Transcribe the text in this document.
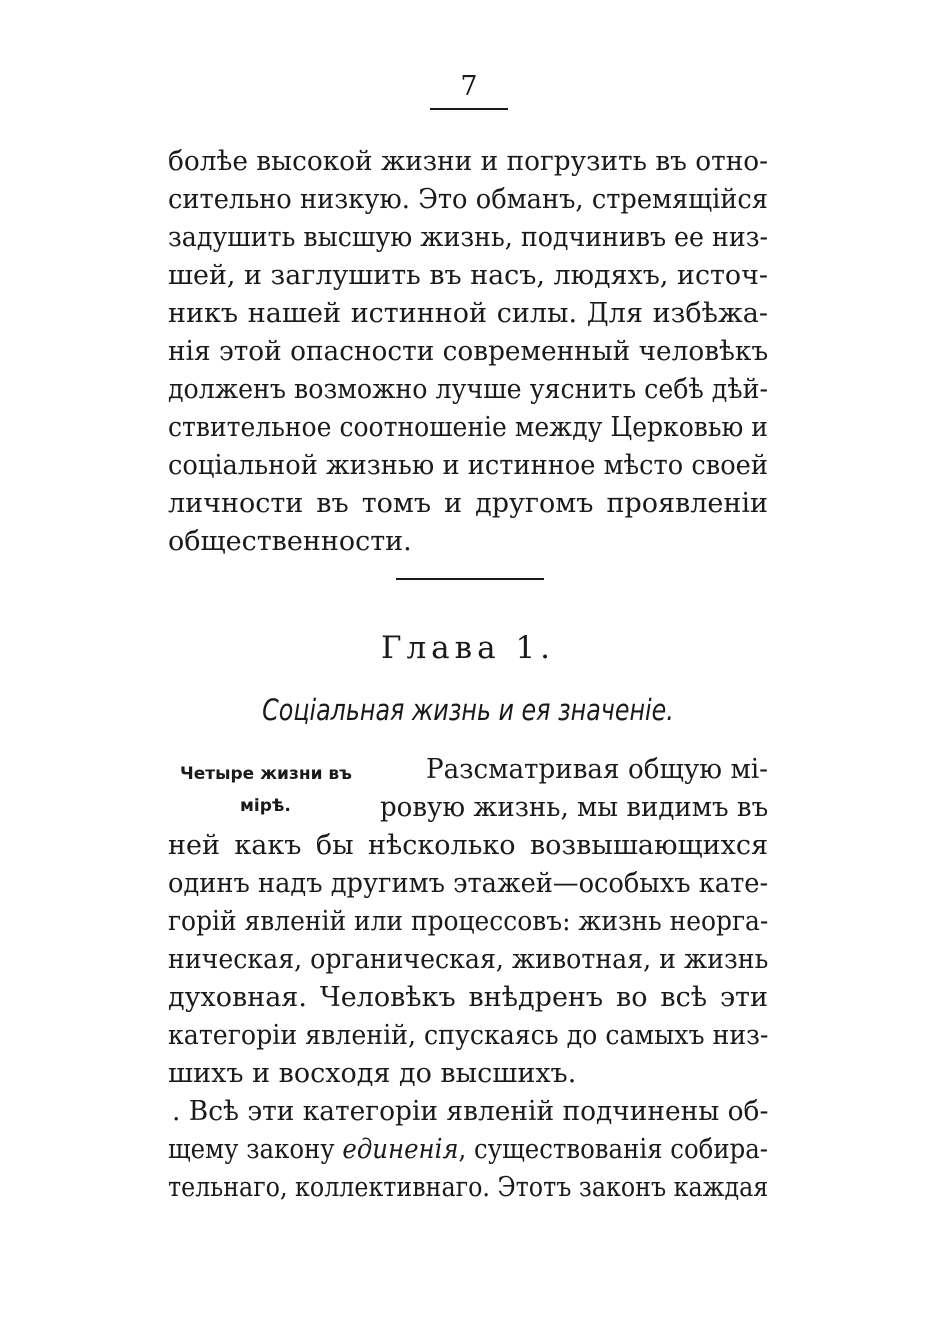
7
болѣе высокой жизни и погрузить въ отно-
сительно низкую. Это обманъ, стремящійся
задушить высшую жизнь, подчинивъ ее низ-
шей, и заглушить въ насъ, людяхъ, источ-
никъ нашей истинной силы. Для избѣжа-
нія этой опасности современный человѣкъ
долженъ возможно лучше уяснить себѣ дѣй-
ствительное соотношеніе между Церковью и
соціальной жизнью и истинное мѣсто своей
личности въ томъ и другомъ проявленіи
общественности.
Глава 1.
Соціальная жизнь и ея значеніе.
Четыре жизни въ
мірѣ.
Разсматривая общую мі-
ровую жизнь, мы видимъ въ
ней какъ бы нѣсколько возвышающихся
одинъ надъ другимъ этажей—особыхъ кате-
горій явленій или процессовъ: жизнь неорга-
ническая, органическая, животная, и жизнь
духовная. Человѣкъ внѣдренъ во всѣ эти
категоріи явленій, спускаясь до самыхъ низ-
шихъ и восходя до высшихъ.
. Всѣ эти категоріи явленій подчинены об-
щему закону единенія, существованія собира-
тельнаго, коллективнаго. Этотъ законъ каждая
